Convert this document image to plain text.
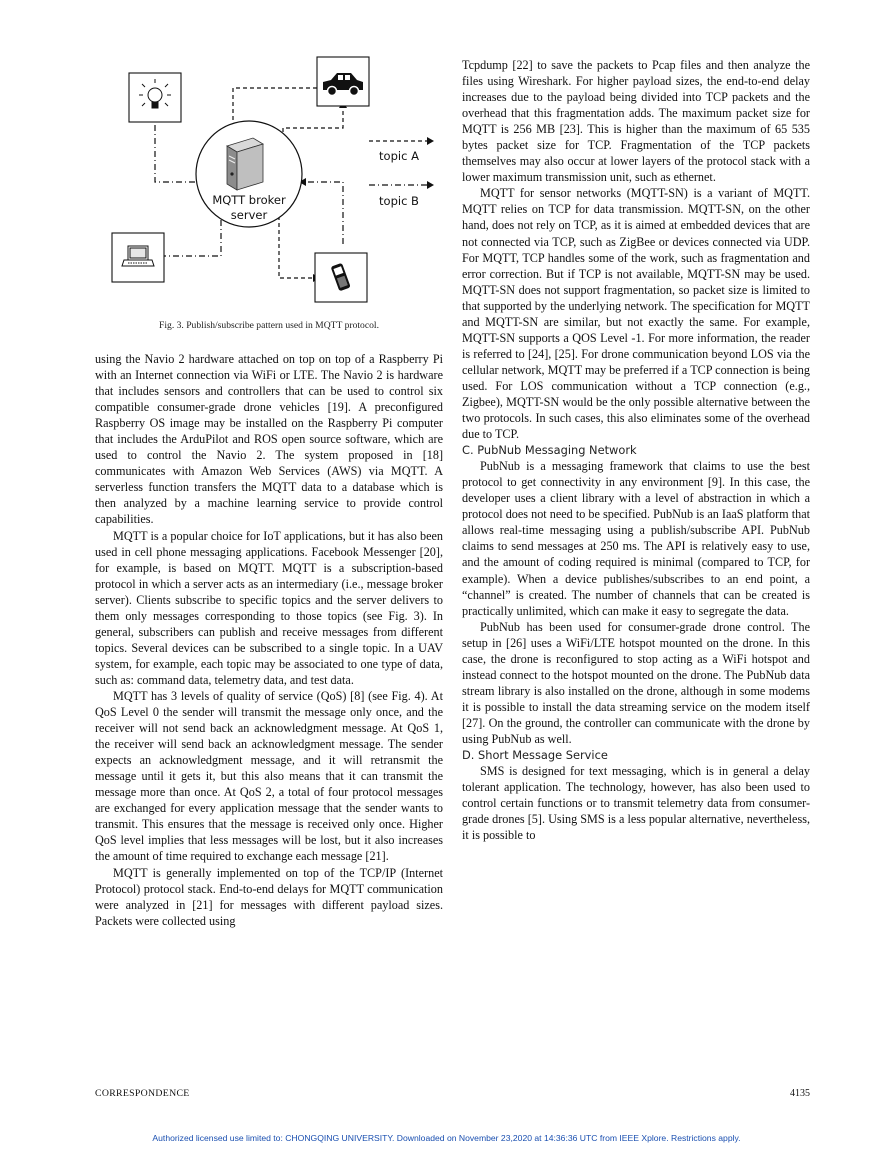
MQTT broker
server
topic A
topic B
Fig. 3. Publish/subscribe pattern used in MQTT protocol.

using the Navio 2 hardware attached on top on top of a Raspberry Pi with an Internet connection via WiFi or LTE. The Navio 2 is hardware that includes sensors and controllers that can be used to control six compatible consumer-grade drone vehicles [19]. A preconfigured Raspberry OS image may be installed on the Raspberry Pi computer that includes the ArduPilot and ROS open source software, which are used to control the Navio 2. The system proposed in [18] communicates with Amazon Web Services (AWS) via MQTT. A serverless function transfers the MQTT data to a database which is then analyzed by a machine learning service to provide control capabilities.

MQTT is a popular choice for IoT applications, but it has also been used in cell phone messaging applications. Facebook Messenger [20], for example, is based on MQTT. MQTT is a subscription-based protocol in which a server acts as an intermediary (i.e., message broker server). Clients subscribe to specific topics and the server delivers to them only messages corresponding to those topics (see Fig. 3). In general, subscribers can publish and receive messages from different topics. Several devices can be subscribed to a single topic. In a UAV system, for example, each topic may be associated to one type of data, such as: command data, telemetry data, and test data.

MQTT has 3 levels of quality of service (QoS) [8] (see Fig. 4). At QoS Level 0 the sender will transmit the message only once, and the receiver will not send back an acknowledgment message. At QoS 1, the receiver will send back an acknowledgment message. The sender expects an acknowledgment message, and it will retransmit the message until it gets it, but this also means that it can transmit the message more than once. At QoS 2, a total of four protocol messages are exchanged for every application message that the sender wants to transmit. This ensures that the message is received only once. Higher QoS level implies that less messages will be lost, but it also increases the amount of time required to exchange each message [21].

MQTT is generally implemented on top of the TCP/IP (Internet Protocol) protocol stack. End-to-end delays for MQTT communication were analyzed in [21] for messages with different payload sizes. Packets were collected using

Tcpdump [22] to save the packets to Pcap files and then analyze the files using Wireshark. For higher payload sizes, the end-to-end delay increases due to the payload being divided into TCP packets and the overhead that this fragmentation adds. The maximum packet size for MQTT is 256 MB [23]. This is higher than the maximum of 65 535 bytes packet size for TCP. Fragmentation of the TCP packets themselves may also occur at lower layers of the protocol stack with a lower maximum transmission unit, such as ethernet.

MQTT for sensor networks (MQTT-SN) is a variant of MQTT. MQTT relies on TCP for data transmission. MQTT-SN, on the other hand, does not rely on TCP, as it is aimed at embedded devices that are not connected via TCP, such as ZigBee or devices connected via UDP. For MQTT, TCP handles some of the work, such as fragmentation and error correction. But if TCP is not available, MQTT-SN may be used. MQTT-SN does not support fragmentation, so packet size is limited to that supported by the underlying network. The specification for MQTT and MQTT-SN are similar, but not exactly the same. For example, MQTT-SN supports a QOS Level -1. For more information, the reader is referred to [24], [25]. For drone communication beyond LOS via the cellular network, MQTT may be preferred if a TCP connection is being used. For LOS communication without a TCP connection (e.g., Zigbee), MQTT-SN would be the only possible alternative between the two protocols. In such cases, this also eliminates some of the overhead due to TCP.

C. PubNub Messaging Network

PubNub is a messaging framework that claims to use the best protocol to get connectivity in any environment [9]. In this case, the developer uses a client library with a level of abstraction in which a protocol does not need to be specified. PubNub is an IaaS platform that allows real-time messaging using a publish/subscribe API. PubNub claims to send messages at 250 ms. The API is relatively easy to use, and the amount of coding required is minimal (compared to TCP, for example). When a device publishes/subscribes to an end point, a “channel” is created. The number of channels that can be created is practically unlimited, which can make it easy to segregate the data.

PubNub has been used for consumer-grade drone control. The setup in [26] uses a WiFi/LTE hotspot mounted on the drone. In this case, the drone is reconfigured to stop acting as a WiFi hotspot and instead connect to the hotspot mounted on the drone. The PubNub data stream library is also installed on the drone, although in some modems it is possible to install the data streaming service on the modem itself [27]. On the ground, the controller can communicate with the drone by using PubNub as well.

D. Short Message Service

SMS is designed for text messaging, which is in general a delay tolerant application. The technology, however, has also been used to control certain functions or to transmit telemetry data from consumer-grade drones [5]. Using SMS is a less popular alternative, nevertheless, it is possible to

CORRESPONDENCE	4135
Authorized licensed use limited to: CHONGQING UNIVERSITY. Downloaded on November 23,2020 at 14:36:36 UTC from IEEE Xplore. Restrictions apply.
